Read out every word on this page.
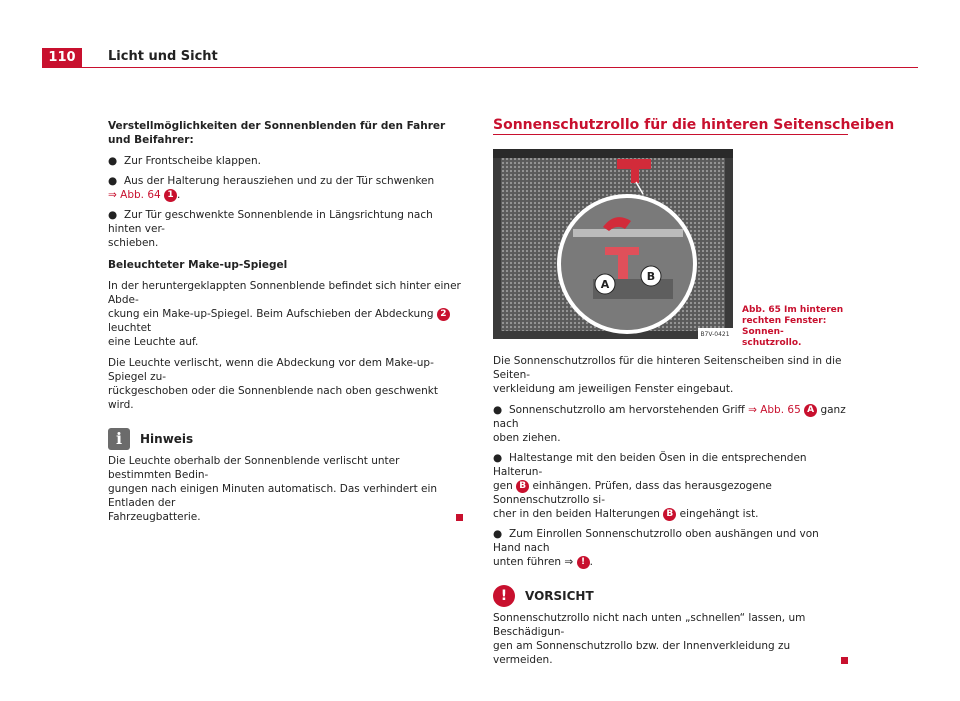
110	Licht und Sicht

Verstellmöglichkeiten der Sonnenblenden für den Fahrer und Beifahrer:

● Zur Frontscheibe klappen.
● Aus der Halterung herausziehen und zu der Tür schwenken
⇒ Abb. 64 1 .
● Zur Tür geschwenkte Sonnenblende in Längsrichtung nach hinten ver-
schieben.

Beleuchteter Make-up-Spiegel

In der heruntergeklappten Sonnenblende befindet sich hinter einer Abde-
ckung ein Make-up-Spiegel. Beim Aufschieben der Abdeckung 2 leuchtet
eine Leuchte auf.

Die Leuchte verlischt, wenn die Abdeckung vor dem Make-up-Spiegel zu-
rückgeschoben oder die Sonnenblende nach oben geschwenkt wird.

i	Hinweis

Die Leuchte oberhalb der Sonnenblende verlischt unter bestimmten Bedin-
gungen nach einigen Minuten automatisch. Das verhindert ein Entladen der
Fahrzeugbatterie.

Sonnenschutzrollo für die hinteren Seitenscheiben
A
B
B7V-0421
Abb. 65 Im hinteren
rechten Fenster: Sonnen-
schutzrollo.

Die Sonnenschutzrollos für die hinteren Seitenscheiben sind in die Seiten-
verkleidung am jeweiligen Fenster eingebaut.

● Sonnenschutzrollo am hervorstehenden Griff ⇒ Abb. 65 A ganz nach
oben ziehen.
● Haltestange mit den beiden Ösen in die entsprechenden Halterun-
gen B einhängen. Prüfen, dass das herausgezogene Sonnenschutzrollo si-
cher in den beiden Halterungen B eingehängt ist.
● Zum Einrollen Sonnenschutzrollo oben aushängen und von Hand nach
unten führen ⇒ ! .
!	VORSICHT

Sonnenschutzrollo nicht nach unten „schnellen“ lassen, um Beschädigun-
gen am Sonnenschutzrollo bzw. der Innenverkleidung zu vermeiden.
